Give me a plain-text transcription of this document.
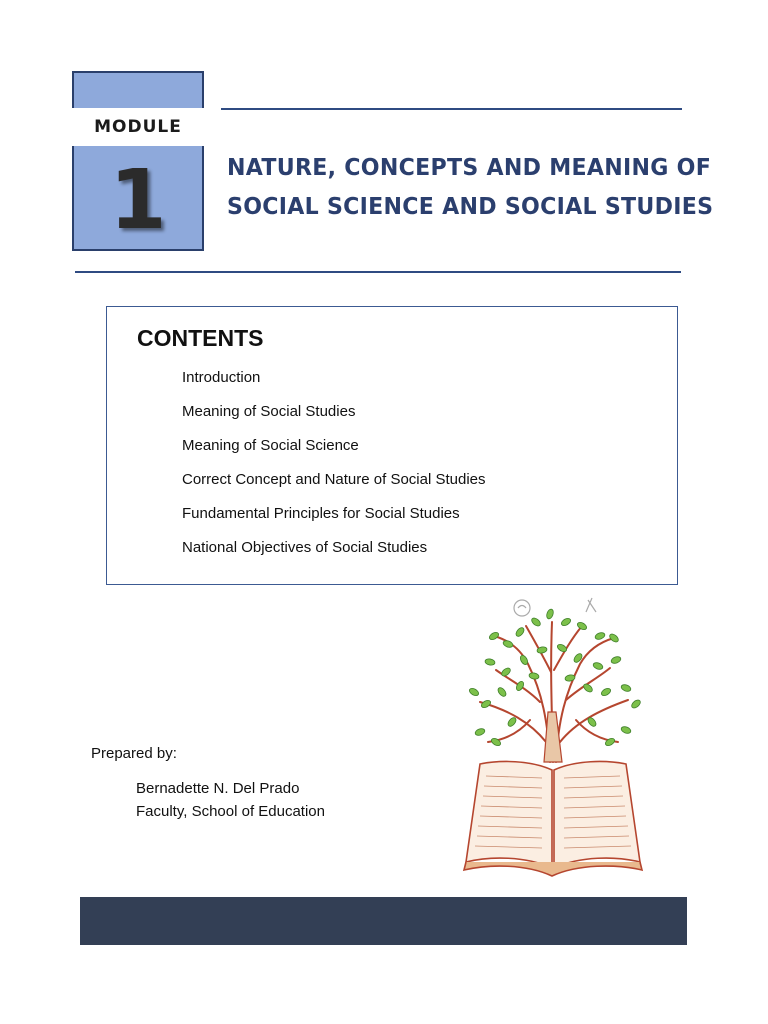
MODULE
1	NATURE, CONCEPTS AND MEANING OF
SOCIAL SCIENCE AND SOCIAL STUDIES
CONTENTS
Introduction
Meaning of Social Studies
Meaning of Social Science
Correct Concept and Nature of Social Studies
Fundamental Principles for Social Studies
National Objectives of Social Studies
Prepared by:
Bernadette N. Del Prado
Faculty, School of Education
